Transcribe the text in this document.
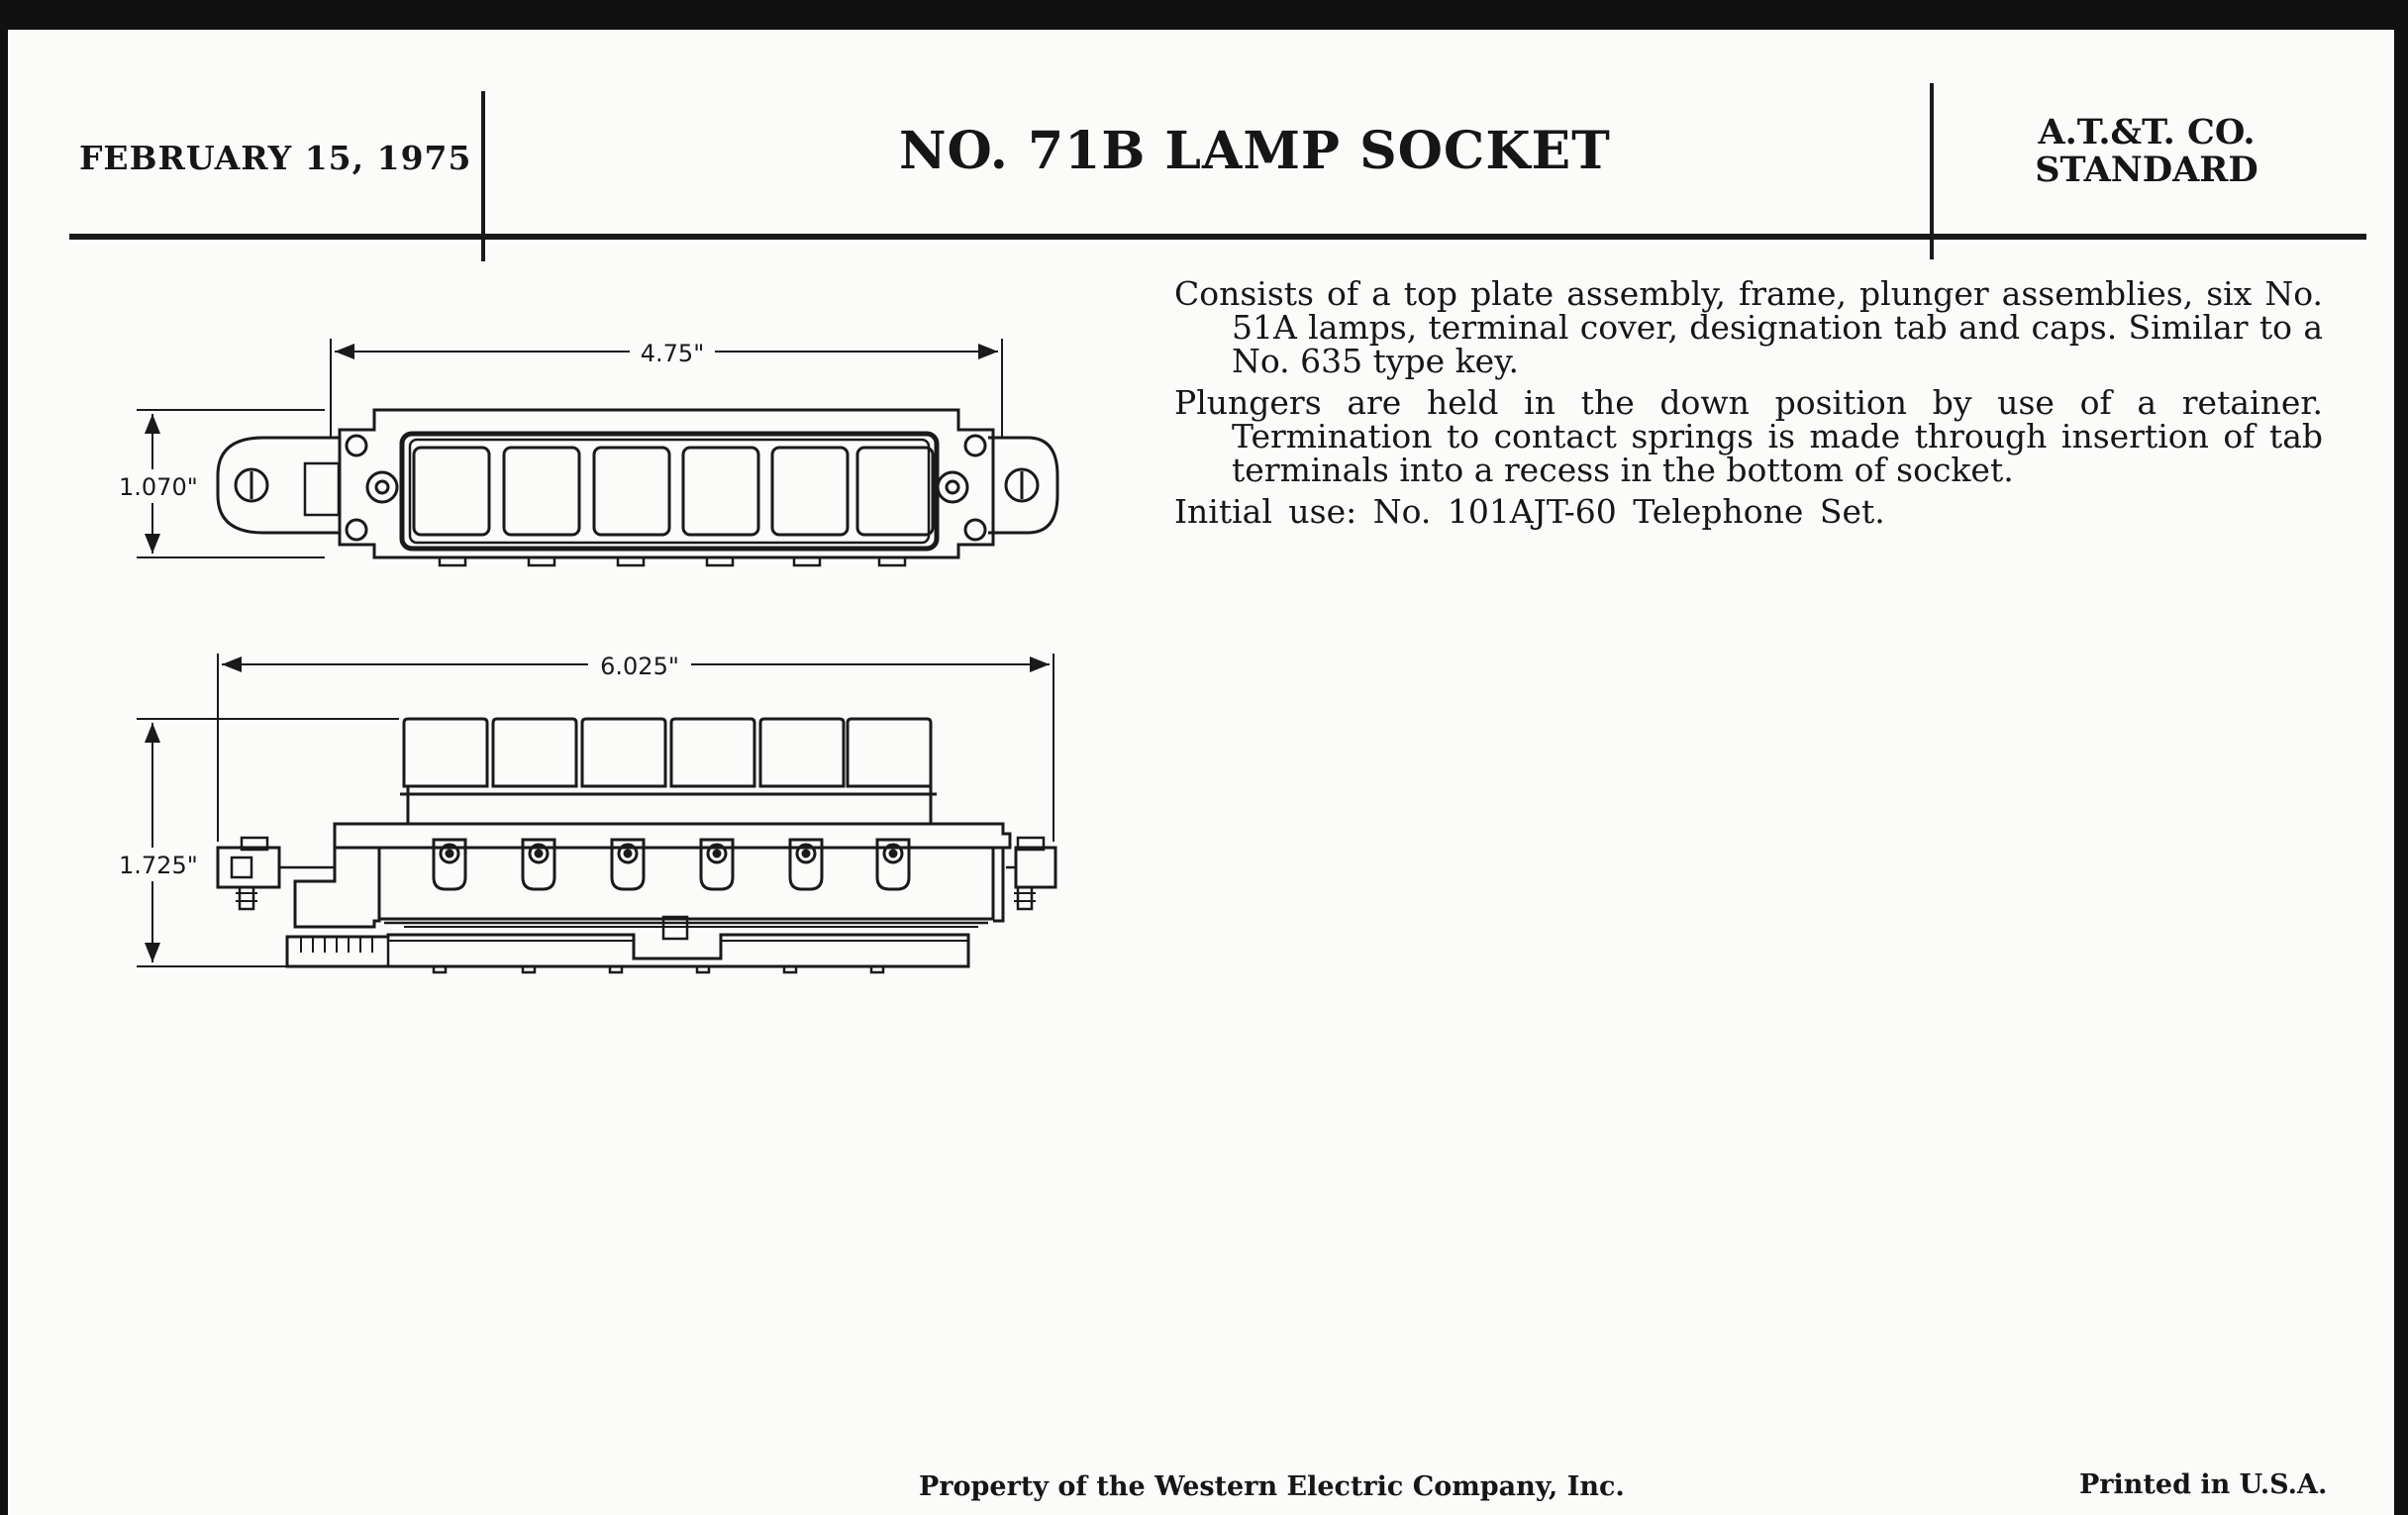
FEBRUARY 15, 1975	NO. 71B LAMP SOCKET	A.T.&T. CO.
STANDARD

Consists of a top plate assembly, frame, plunger assemblies, six No. 51A lamps, terminal cover, designation tab and caps. Similar to a No. 635 type key.

Plungers are held in the down position by use of a retainer. Termination to contact springs is made through insertion of tab terminals into a recess in the bottom of socket.

Initial use: No. 101AJT-60 Telephone Set.

4.75"
1.070"
6.025"
1.725"
Property of the Western Electric Company, Inc.	Printed in U.S.A.
